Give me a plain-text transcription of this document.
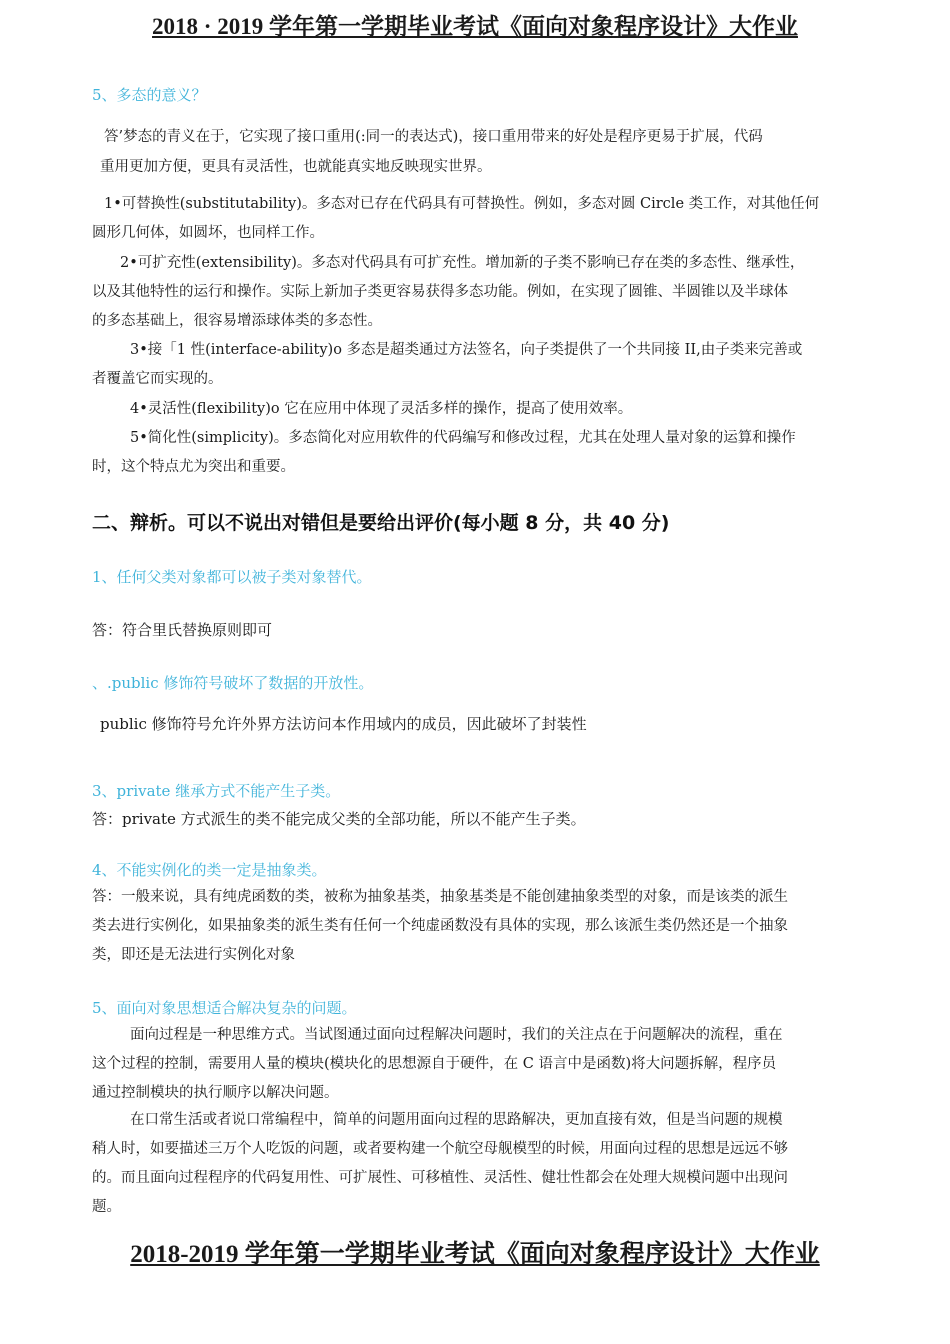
2018 · 2019 学年第一学期毕业考试《面向对象程序设计》大作业
5、多态的意义？
答’梦态的青义在于，它实现了接口重用(:同一的表达式)，接口重用带来的好处是程序更易于扩展，代码
重用更加方便，更具有灵活性，也就能真实地反映现实世界。
1•可替换性(substitutability)。多态对已存在代码具有可替换性。例如，多态对圆 Circle 类工作，对其他任何
圆形几何体，如圆坏，也同样工作。
2•可扩充性(extensibility)。多态对代码具有可扩充性。增加新的子类不影响已存在类的多态性、继承性，
以及其他特性的运行和操作。实际上新加子类更容易获得多态功能。例如，在实现了圆锥、半圆锥以及半球体
的多态基础上，很容易增添球体类的多态性。
3•接「1 性(interface-ability)o 多态是超类通过方法签名，向子类提供了一个共同接 II,由子类来完善或
者覆盖它而实现的。
4•灵活性(flexibility)o 它在应用中体现了灵活多样的操作，提高了使用效率。
5•简化性(simplicity)。多态简化对应用软件的代码编写和修改过程，尤其在处理人量对象的运算和操作
时，这个特点尤为突出和重要。
二、辩析。可以不说出对错但是要给出评价(每小题 8 分，共 40 分)
1、任何父类对象都可以被子类对象替代。
答：符合里氏替换原则即可
、.public 修饰符号破坏了数据的开放性。
public 修饰符号允许外界方法访问本作用域内的成员，因此破坏了封装性
3、private 继承方式不能产生子类。
答：private 方式派生的类不能完成父类的全部功能，所以不能产生子类。
4、不能实例化的类一定是抽象类。
答：一般来说，具有纯虎函数的类，被称为抽象基类，抽象基类是不能创建抽象类型的对象，而是该类的派生
类去进行实例化，如果抽象类的派生类有任何一个纯虚函数没有具体的实现，那么该派生类仍然还是一个抽象
类，即还是无法进行实例化对象
5、面向对象思想适合解决复杂的问题。
面向过程是一种思维方式。当试图通过面向过程解决问题时，我们的关注点在于问题解决的流程，重在
这个过程的控制，需要用人量的模块(模块化的思想源自于硬件，在 C 语言中是函数)将大问题拆解，程序员
通过控制模块的执行顺序以解决问题。
在口常生活或者说口常编程中，简单的问题用面向过程的思路解决，更加直接有效，但是当问题的规模
稍人时，如要描述三万个人吃饭的问题，或者要构建一个航空母舰模型的时候，用面向过程的思想是远远不够
的。而且面向过程程序的代码复用性、可扩展性、可移植性、灵活性、健壮性都会在处理大规模问题中出现问
题。
2018-2019 学年第一学期毕业考试《面向对象程序设计》大作业
